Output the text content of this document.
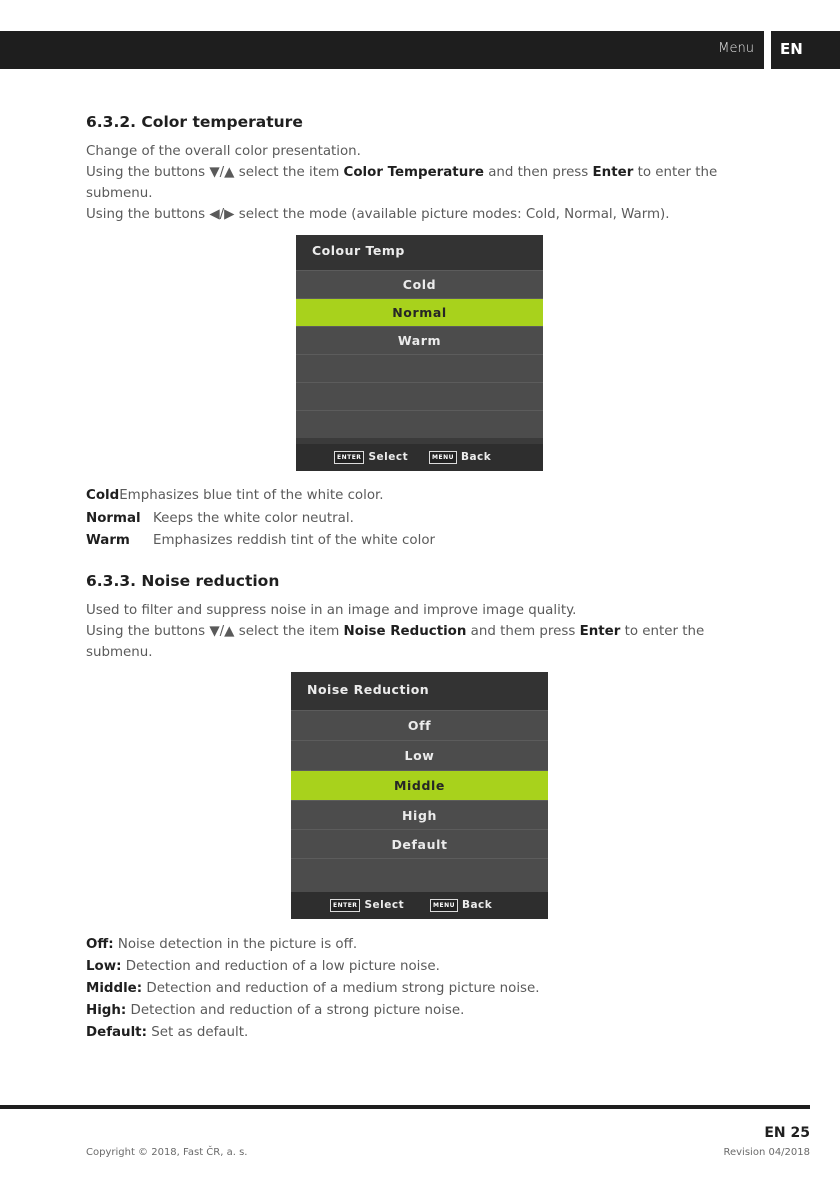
Menu EN
6.3.2. Color temperature

Change of the overall color presentation.
Using the buttons ▼/▲ select the item Color Temperature and then press Enter to enter the submenu.
Using the buttons ◀/▶ select the mode (available picture modes: Cold, Normal, Warm).

Colour Temp
Cold
Normal
Warm
ENTER Select	MENU Back

ColdEmphasizes blue tint of the white color.

Normal Keeps the white color neutral.

Warm Emphasizes reddish tint of the white color

6.3.3. Noise reduction

Used to filter and suppress noise in an image and improve image quality.
Using the buttons ▼/▲ select the item Noise Reduction and them press Enter to enter the submenu.

Noise Reduction
Off
Low
Middle
High
Default
ENTER Select	MENU Back

Off: Noise detection in the picture is off.

Low: Detection and reduction of a low picture noise.

Middle: Detection and reduction of a medium strong picture noise.

High: Detection and reduction of a strong picture noise.

Default: Set as default.

EN 25
Copyright © 2018, Fast ČR, a. s.	Revision 04/2018
